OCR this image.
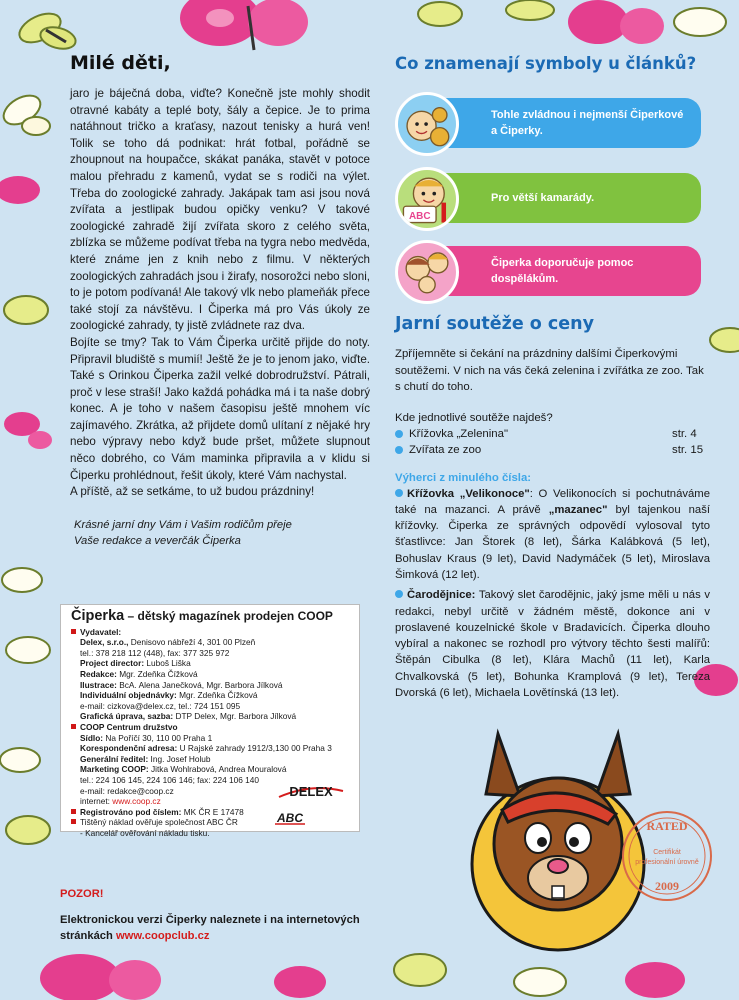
Milé děti,

jaro je báječná doba, viďte? Konečně jste mohly shodit otravné kabáty a teplé boty, šály a čepice. Je to prima natáhnout tričko a kraťasy, nazout tenisky a hurá ven! Tolik se toho dá podnikat: hrát fotbal, pořádně se zhoupnout na houpačce, skákat panáka, stavět v potoce malou přehradu z kamenů, vydat se s rodiči na výlet. Třeba do zoologické zahrady. Jakápak tam asi jsou nová zvířata a jestlipak budou opičky venku? V takové zoologické zahradě žijí zvířata skoro z celého světa, zblízka se můžeme podívat třeba na tygra nebo medvěda, které známe jen z knih nebo z filmu. V některých zoologických zahradách jsou i žirafy, nosorožci nebo sloni, to je potom podívaná! Ale takový vlk nebo plameňák přece také stojí za návštěvu. I Čiperka má pro Vás úkoly ze zoologické zahrady, ty jistě zvládnete raz dva.

Bojíte se tmy? Tak to Vám Čiperka určitě přijde do noty. Připravil bludiště s mumií! Ještě že je to jenom jako, viďte. Také s Orinkou Čiperka zažil velké dobrodružství. Pátrali, proč v lese straší! Jako každá pohádka má i ta naše dobrý konec. A je toho v našem časopisu ještě mnohem víc zajímavého. Zkrátka, až přijdete domů ulítaní z nějaké hry nebo výpravy nebo když bude pršet, můžete slupnout něco dobrého, co Vám maminka připravila a v klidu si Čiperku prohlédnout, řešit úkoly, které Vám nachystal.

A příště, až se setkáme, to už budou prázdniny!

Krásné jarní dny Vám i Vašim rodičům přeje
Vaše redakce a veverčák Čiperka
Čiperka – dětský magazínek prodejen COOP
Vydavatel:
Delex, s.r.o., Denisovo nábřeží 4, 301 00 Plzeň
tel.: 378 218 112 (448), fax: 377 325 972
Project director: Luboš Liška
Redakce: Mgr. Zdeňka Čížková
Ilustrace: BcA. Alena Janečková, Mgr. Barbora Jílková
Individuální objednávky: Mgr. Zdeňka Čížková
e-mail: cizkova@delex.cz, tel.: 724 151 095
Grafická úprava, sazba: DTP Delex, Mgr. Barbora Jílková
COOP Centrum družstvo
Sídlo: Na Poříčí 30, 110 00 Praha 1
Korespondenční adresa: U Rajské zahrady 1912/3,130 00 Praha 3
Generální ředitel: Ing. Josef Holub
Marketing COOP: Jitka Wohlrabová, Andrea Mouralová
tel.: 224 106 145, 224 106 146; fax: 224 106 140
e-mail: redakce@coop.cz
internet: www.coop.cz
Registrováno pod číslem: MK ČR E 17478
Tištěný náklad ověřuje společnost ABC ČR
- Kancelář ověřování nákladu tisku.
DELEX
ABC
POZOR!
Elektronickou verzi Čiperky naleznete i na internetových stránkách www.coopclub.cz
Co znamenají symboly u článků?
Tohle zvládnou i nejmenší Čiperkové a Čiperky.
Pro větší kamarády.
ABC
Čiperka doporučuje pomoc dospělákům.
Jarní soutěže o ceny
Zpříjemněte si čekání na prázdniny dalšími Čiperkovými soutěžemi. V nich na vás čeká zelenina i zvířátka ze zoo. Tak s chutí do toho.
Kde jednotlivé soutěže najdeš?
Křížovka „Zelenina"	str. 4
Zvířata ze zoo	str. 15
Výherci z minulého čísla:

Křížovka „Velikonoce": O Velikonocích si pochutnáváme také na mazanci. A právě „mazanec" byl tajenkou naší křížovky. Čiperka ze správných odpovědí vylosoval tyto šťastlivce: Jan Štorek (8 let), Šárka Kalábková (5 let), Bohuslav Kraus (9 let), David Nadymáček (5 let), Miroslava Šimková (12 let).

Čarodějnice: Takový slet čarodějnic, jaký jsme měli u nás v redakci, nebyl určitě v žádném městě, dokonce ani v proslavené kouzelnické škole v Bradavicích. Čiperka dlouho vybíral a nakonec se rozhodl pro výtvory těchto šesti malířů: Štěpán Cibulka (8 let), Klára Machů (11 let), Karla Chvalkovská (5 let), Bohunka Kramplová (9 let), Tereza Dvorská (6 let), Michaela Lovětínská (13 let).

RATED
Certifikát
profesionální úrovně
2009
